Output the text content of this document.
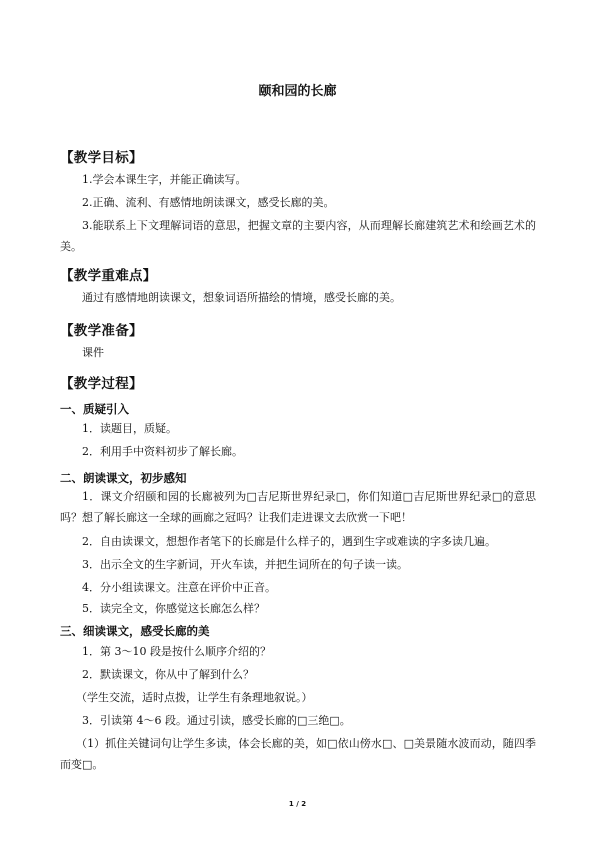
颐和园的长廊
【教学目标】
1.学会本课生字，并能正确读写。
2.正确、流利、有感情地朗读课文，感受长廊的美。
3.能联系上下文理解词语的意思，把握文章的主要内容，从而理解长廊建筑艺术和绘画艺术的美。
【教学重难点】
通过有感情地朗读课文，想象词语所描绘的情境，感受长廊的美。
【教学准备】
课件
【教学过程】
一、质疑引入
1．读题目，质疑。
2．利用手中资料初步了解长廊。
二、朗读课文，初步感知
1．课文介绍颐和园的长廊被列为□吉尼斯世界纪录□，你们知道□吉尼斯世界纪录□的意思吗？想了解长廊这一全球的画廊之冠吗？让我们走进课文去欣赏一下吧！
2．自由读课文，想想作者笔下的长廊是什么样子的，遇到生字或难读的字多读几遍。
3．出示全文的生字新词，开火车读，并把生词所在的句子读一读。
4．分小组读课文。注意在评价中正音。
5．读完全文，你感觉这长廊怎么样？
三、细读课文，感受长廊的美
1．第 3～10 段是按什么顺序介绍的？
2．默读课文，你从中了解到什么？
（学生交流，适时点拨，让学生有条理地叙说。）
3．引读第 4～6 段。通过引读，感受长廊的□三绝□。
（1）抓住关键词句让学生多读，体会长廊的美，如□依山傍水□、□美景随水波而动，随四季而变□。
1 / 2
